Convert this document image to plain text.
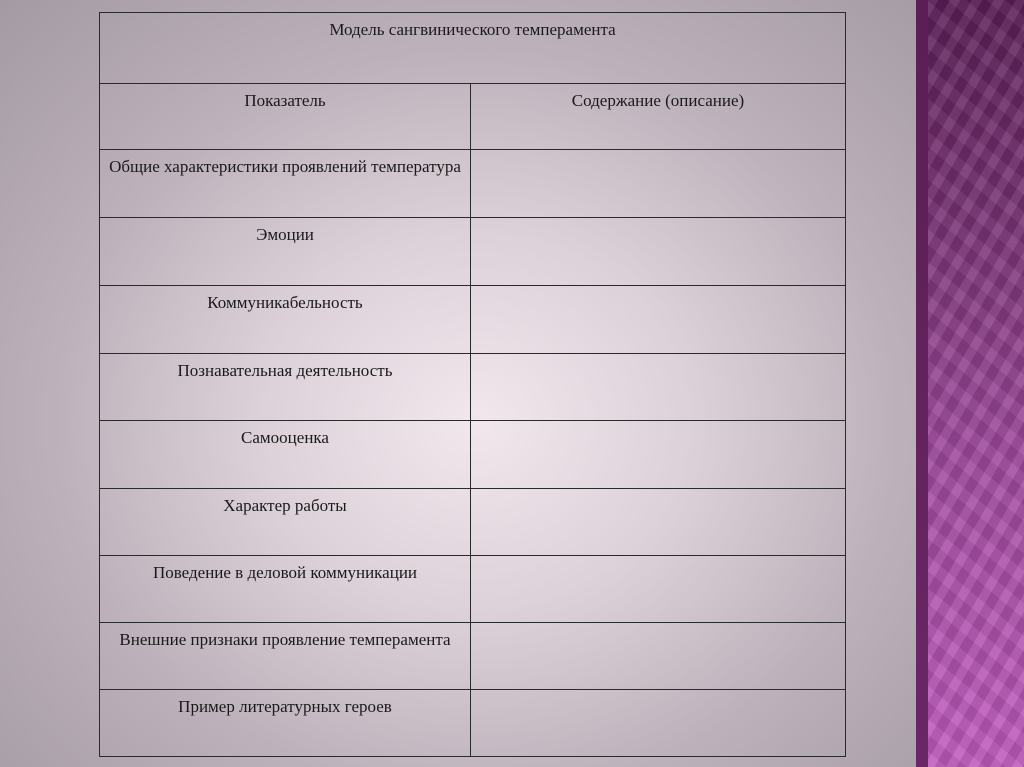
Модель сангвинического темперамента	
Показатель	Содержание (описание)
Общие характеристики проявлений температура	
Эмоции	
Коммуникабельность	
Познавательная деятельность	
Самооценка	
Характер работы	
Поведение в деловой коммуникации	
Внешние признаки проявление темперамента	
Пример литературных героев	
